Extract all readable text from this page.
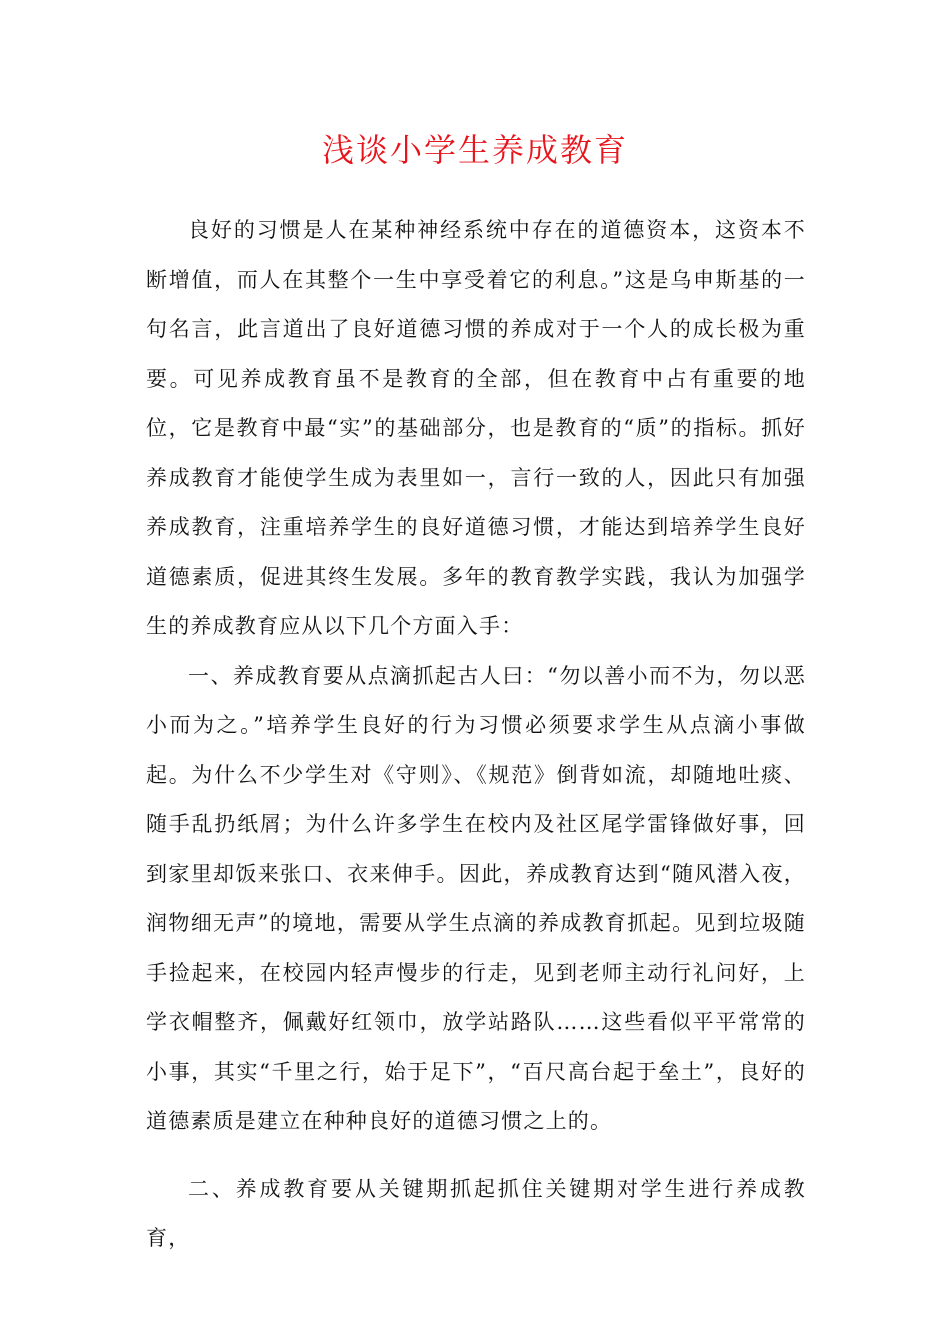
浅谈小学生养成教育

良好的习惯是人在某种神经系统中存在的道德资本，这资本不断增值，而人在其整个一生中享受着它的利息。”这是乌申斯基的一句名言，此言道出了良好道德习惯的养成对于一个人的成长极为重要。可见养成教育虽不是教育的全部，但在教育中占有重要的地位，它是教育中最“实”的基础部分，也是教育的“质”的指标。抓好养成教育才能使学生成为表里如一，言行一致的人，因此只有加强养成教育，注重培养学生的良好道德习惯，才能达到培养学生良好道德素质，促进其终生发展。多年的教育教学实践，我认为加强学生的养成教育应从以下几个方面入手：

一、养成教育要从点滴抓起古人曰：“勿以善小而不为，勿以恶小而为之。”培养学生良好的行为习惯必须要求学生从点滴小事做起。为什么不少学生对《守则》、《规范》倒背如流，却随地吐痰、随手乱扔纸屑；为什么许多学生在校内及社区尾学雷锋做好事，回到家里却饭来张口、衣来伸手。因此，养成教育达到“随风潜入夜，润物细无声”的境地，需要从学生点滴的养成教育抓起。见到垃圾随手捡起来，在校园内轻声慢步的行走，见到老师主动行礼问好，上学衣帽整齐，佩戴好红领巾，放学站路队……这些看似平平常常的小事，其实“千里之行，始于足下”，“百尺高台起于垒土”，良好的道德素质是建立在种种良好的道德习惯之上的。

二、养成教育要从关键期抓起抓住关键期对学生进行养成教育，
